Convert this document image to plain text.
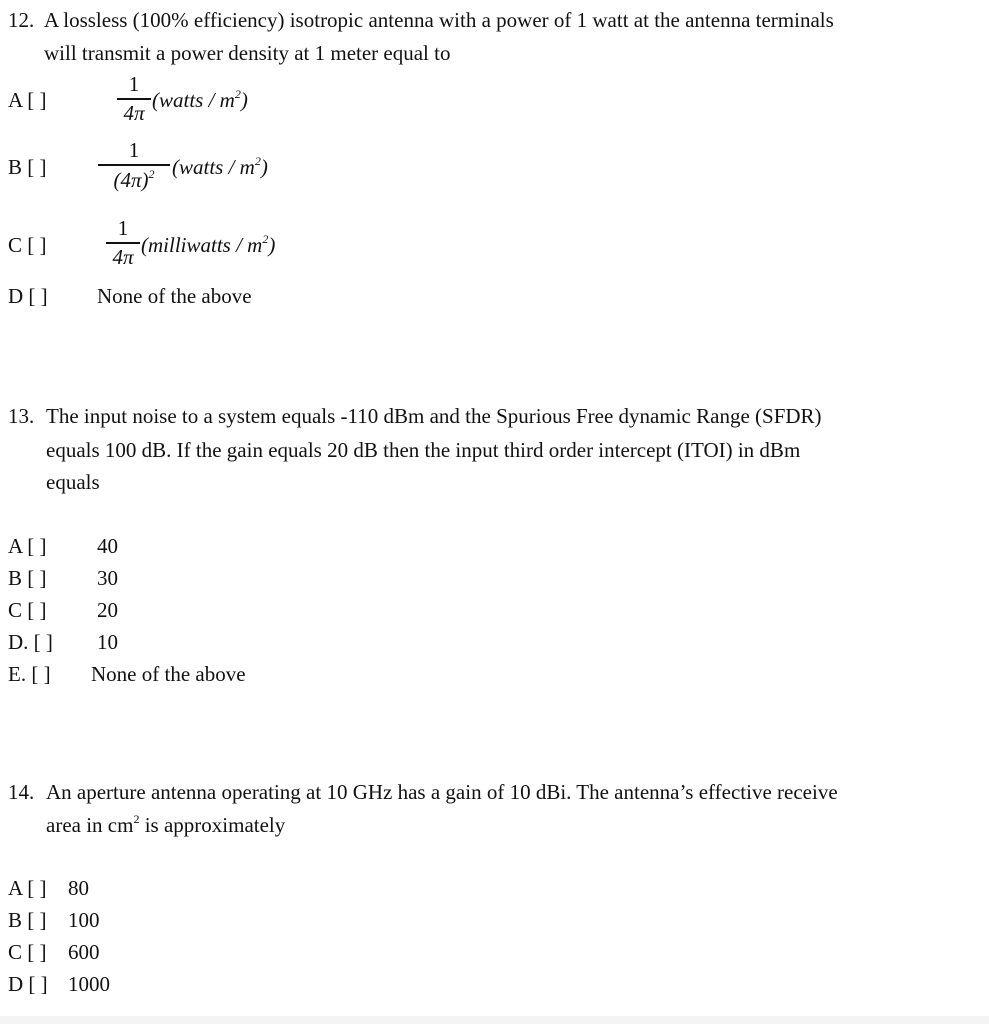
12. A lossless (100% efficiency) isotropic antenna with a power of 1 watt at the antenna terminals
will transmit a power density at 1 meter equal to
A [ ]
1
4π
(watts / $m^2$)
B [ ]
1
$(4\pi)^2$ (watts / $m^2$)
C [ ]
1
4π (milliwatts / $m^2$)
D [ ] None of the above
13. The input noise to a system equals -110 dBm and the Spurious Free dynamic Range (SFDR)
equals 100 dB. If the gain equals 20 dB then the input third order intercept (ITOI) in dBm
equals
A [ ] 40
B [ ] 30
C [ ] 20
D. [ ] 10
E. [ ] None of the above
14. An aperture antenna operating at 10 GHz has a gain of 10 dBi. The antenna’s effective receive
area in $cm^2$ is approximately
A [ ] 80
B [ ] 100
C [ ] 600
D [ ] 1000
